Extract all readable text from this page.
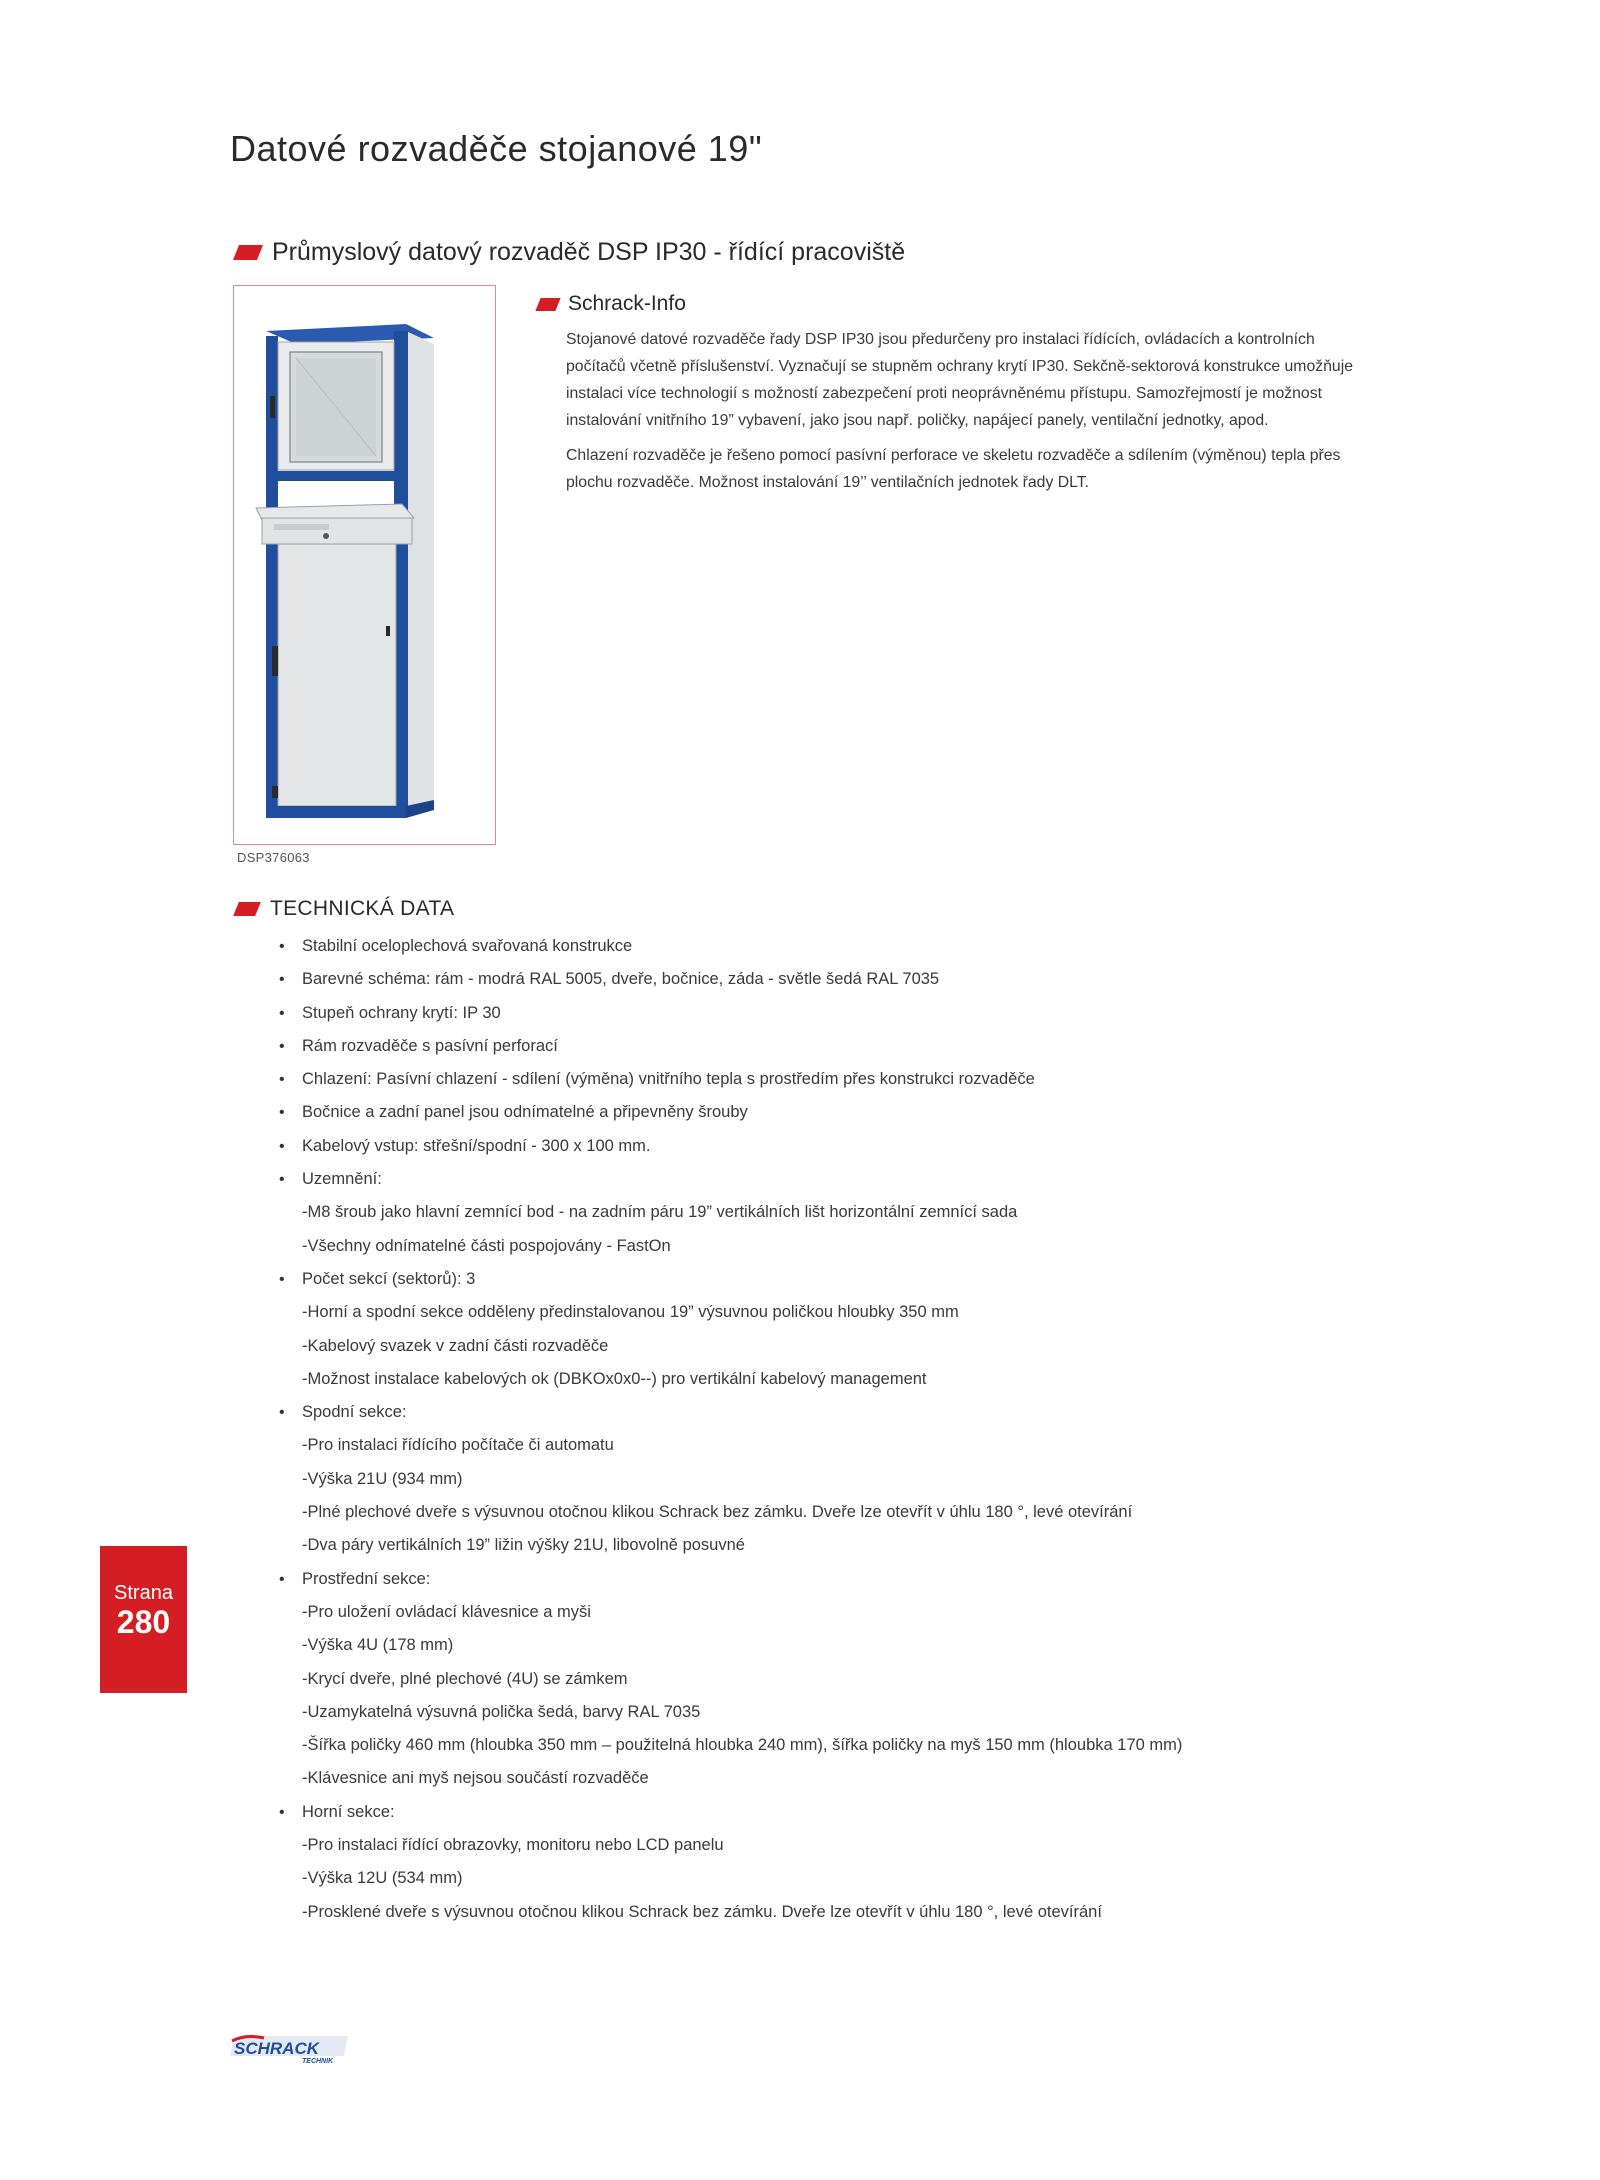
Datové rozvaděče stojanové 19"
Průmyslový datový rozvaděč DSP IP30 - řídící pracoviště
DSP376063
Schrack-Info

Stojanové datové rozvaděče řady DSP IP30 jsou předurčeny pro instalaci řídících, ovládacích a kontrolních počítačů včetně příslušenství. Vyznačují se stupněm ochrany krytí IP30. Sekčně-sektorová konstrukce umožňuje instalaci více technologií s možností zabezpečení proti neoprávněnému přístupu. Samozřejmostí je možnost instalování vnitřního 19” vybavení, jako jsou např. poličky, napájecí panely, ventilační jednotky, apod.

Chlazení rozvaděče je řešeno pomocí pasívní perforace ve skeletu rozvaděče a sdílením (výměnou) tepla přes plochu rozvaděče. Možnost instalování 19’’ ventilačních jednotek řady DLT.

TECHNICKÁ DATA
• Stabilní oceloplechová svařovaná konstrukce
• Barevné schéma: rám - modrá RAL 5005, dveře, bočnice, záda - světle šedá RAL 7035
• Stupeň ochrany krytí: IP 30
• Rám rozvaděče s pasívní perforací
• Chlazení: Pasívní chlazení - sdílení (výměna) vnitřního tepla s prostředím přes konstrukci rozvaděče
• Bočnice a zadní panel jsou odnímatelné a připevněny šrouby
• Kabelový vstup: střešní/spodní - 300 x 100 mm.
• Uzemnění:
-M8 šroub jako hlavní zemnící bod - na zadním páru 19” vertikálních lišt horizontální zemnící sada
-Všechny odnímatelné části pospojovány - FastOn
• Počet sekcí (sektorů): 3
-Horní a spodní sekce odděleny předinstalovanou 19” výsuvnou poličkou hloubky 350 mm
-Kabelový svazek v zadní části rozvaděče
-Možnost instalace kabelových ok (DBKOx0x0--) pro vertikální kabelový management
• Spodní sekce:
-Pro instalaci řídícího počítače či automatu
-Výška 21U (934 mm)
-Plné plechové dveře s výsuvnou otočnou klikou Schrack bez zámku. Dveře lze otevřít v úhlu 180 °, levé otevírání
-Dva páry vertikálních 19” ližin výšky 21U, libovolně posuvné
• Prostřední sekce:
-Pro uložení ovládací klávesnice a myši
-Výška 4U (178 mm)
-Krycí dveře, plné plechové (4U) se zámkem
-Uzamykatelná výsuvná polička šedá, barvy RAL 7035
-Šířka poličky 460 mm (hloubka 350 mm – použitelná hloubka 240 mm), šířka poličky na myš 150 mm (hloubka 170 mm)
-Klávesnice ani myš nejsou součástí rozvaděče
• Horní sekce:
-Pro instalaci řídící obrazovky, monitoru nebo LCD panelu
-Výška 12U (534 mm)
-Prosklené dveře s výsuvnou otočnou klikou Schrack bez zámku. Dveře lze otevřít v úhlu 180 °, levé otevírání
Strana
280
SCHRACK
TECHNIK
